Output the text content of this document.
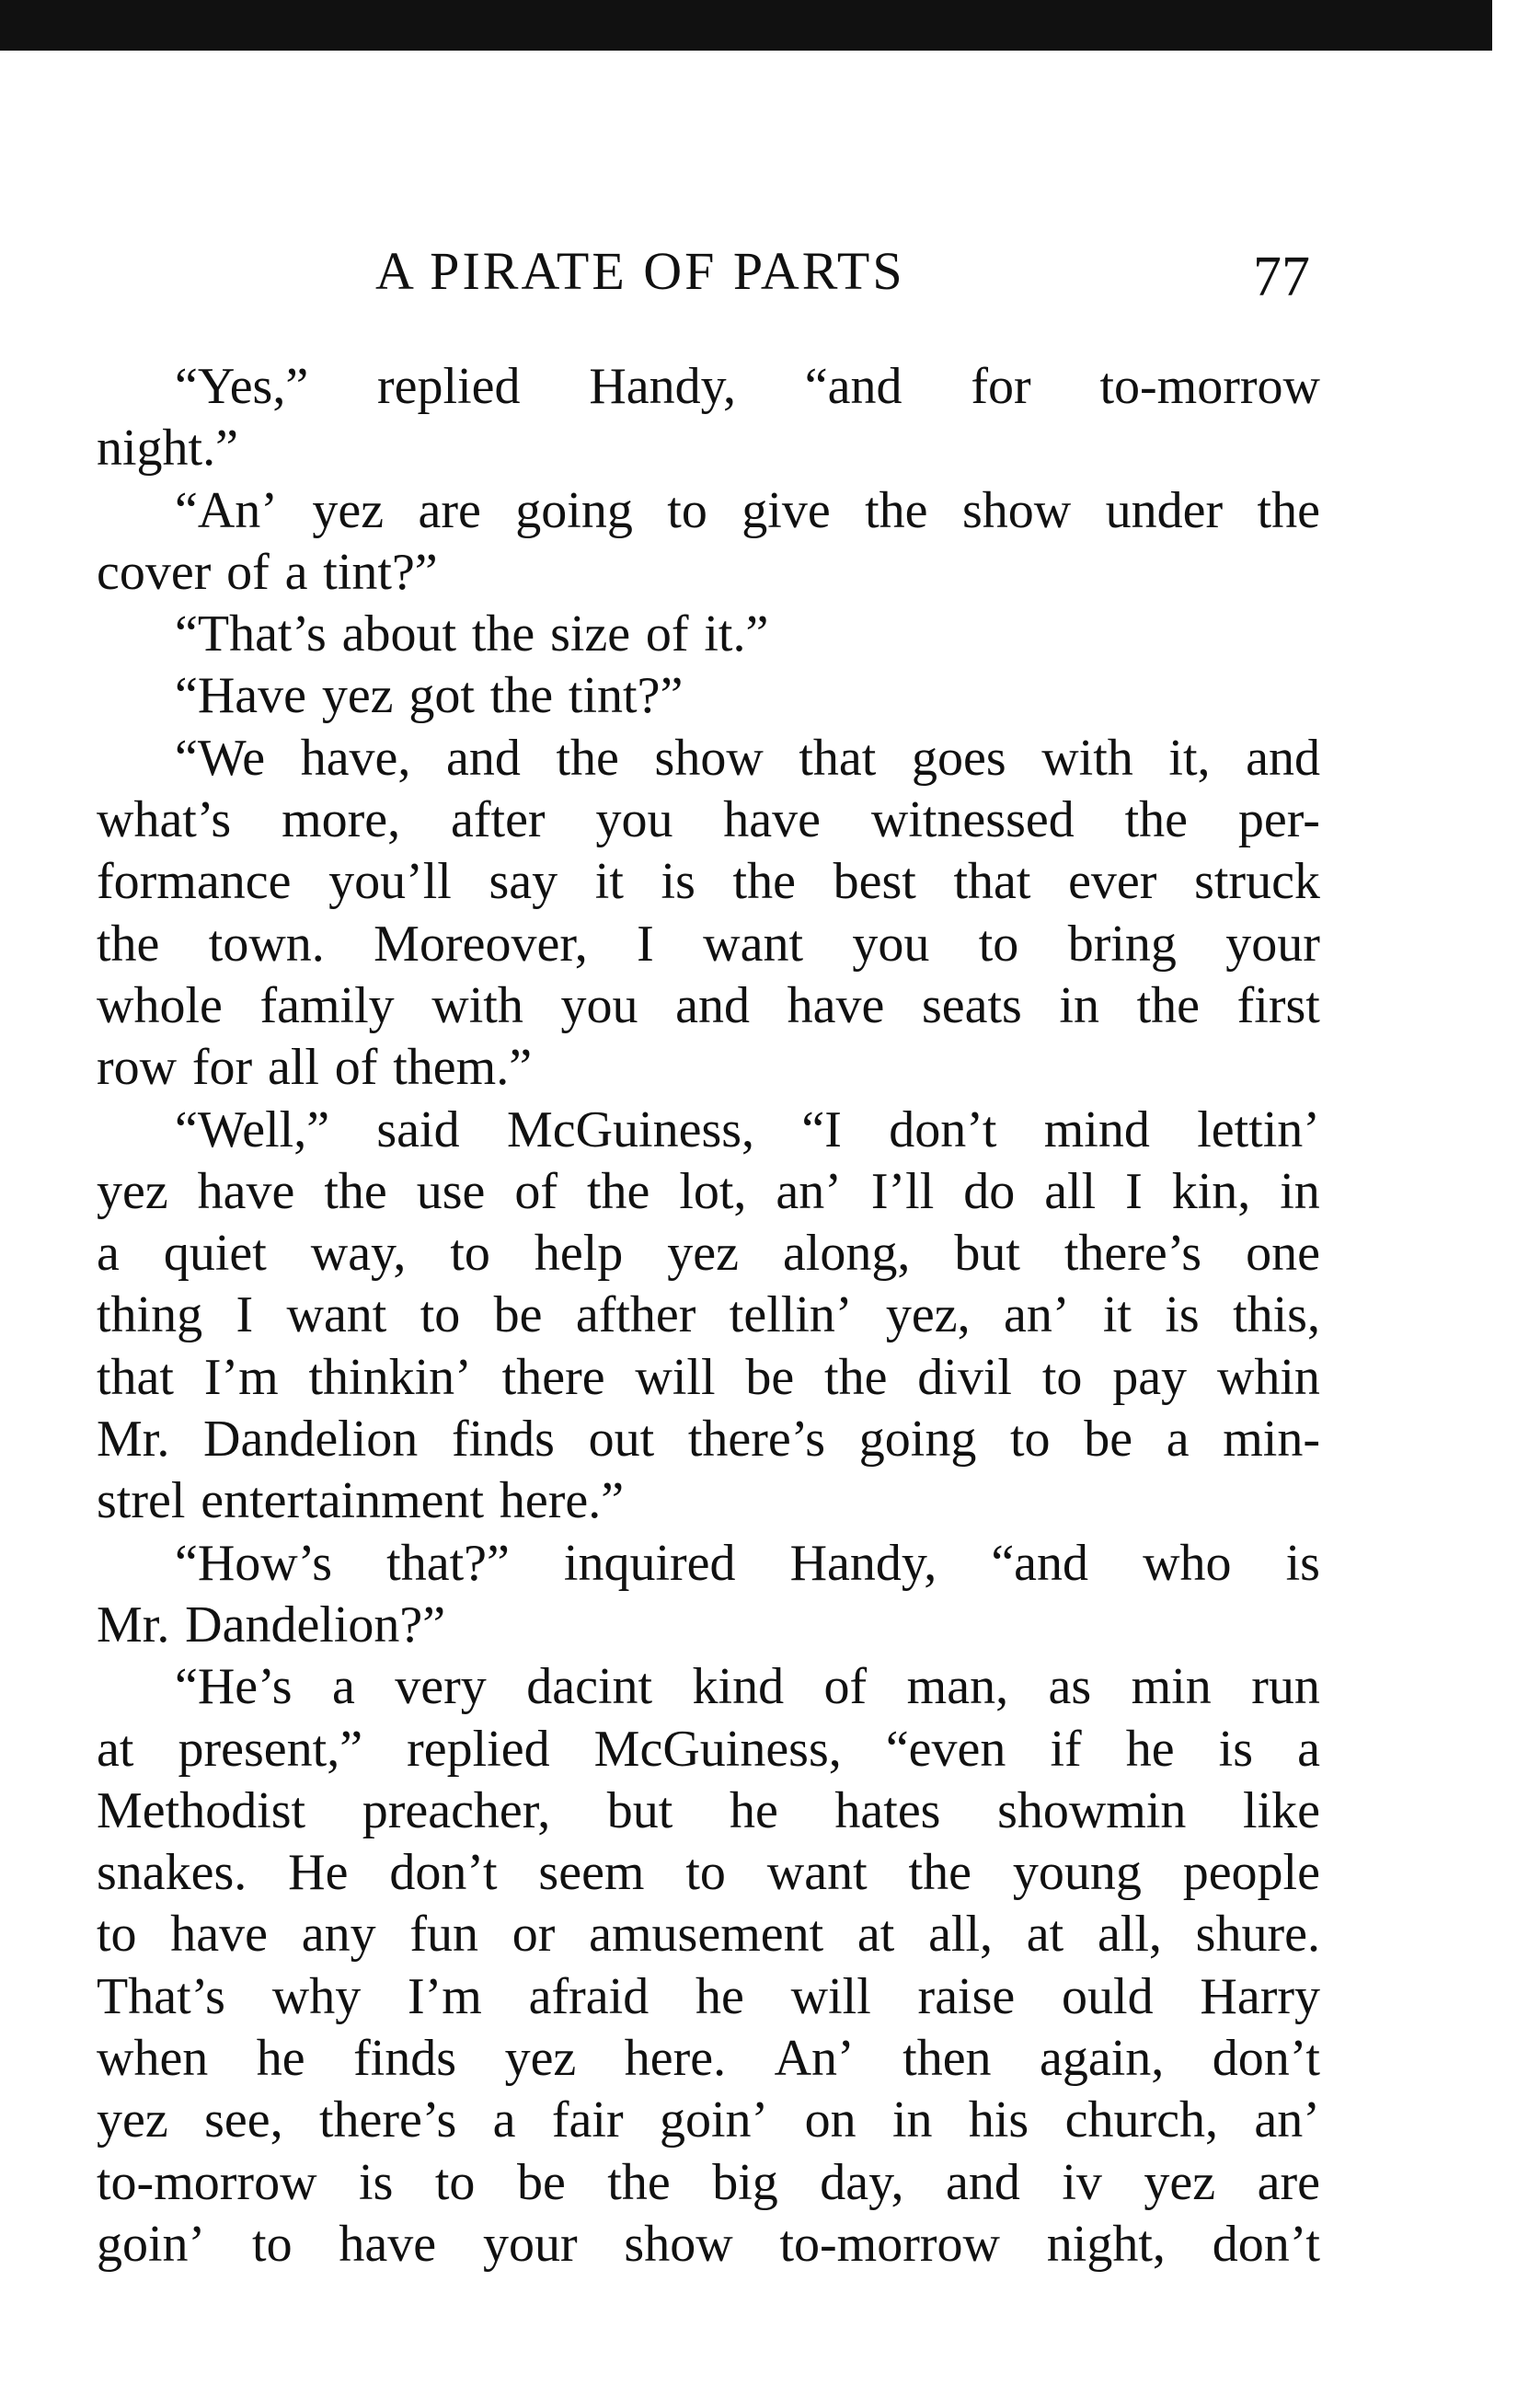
A PIRATE OF PARTS	77
“Yes,” replied Handy, “and for to-morrow
night.”
“An’ yez are going to give the show under the
cover of a tint?”
“That’s about the size of it.”
“Have yez got the tint?”
“We have, and the show that goes with it, and
what’s more, after you have witnessed the per-
formance you’ll say it is the best that ever struck
the town. Moreover, I want you to bring your
whole family with you and have seats in the first
row for all of them.”
“Well,” said McGuiness, “I don’t mind lettin’
yez have the use of the lot, an’ I’ll do all I kin, in
a quiet way, to help yez along, but there’s one
thing I want to be afther tellin’ yez, an’ it is this,
that I’m thinkin’ there will be the divil to pay whin
Mr. Dandelion finds out there’s going to be a min-
strel entertainment here.”
“How’s that?” inquired Handy, “and who is
Mr. Dandelion?”
“He’s a very dacint kind of man, as min run
at present,” replied McGuiness, “even if he is a
Methodist preacher, but he hates showmin like
snakes. He don’t seem to want the young people
to have any fun or amusement at all, at all, shure.
That’s why I’m afraid he will raise ould Harry
when he finds yez here. An’ then again, don’t
yez see, there’s a fair goin’ on in his church, an’
to-morrow is to be the big day, and iv yez are
goin’ to have your show to-morrow night, don’t
